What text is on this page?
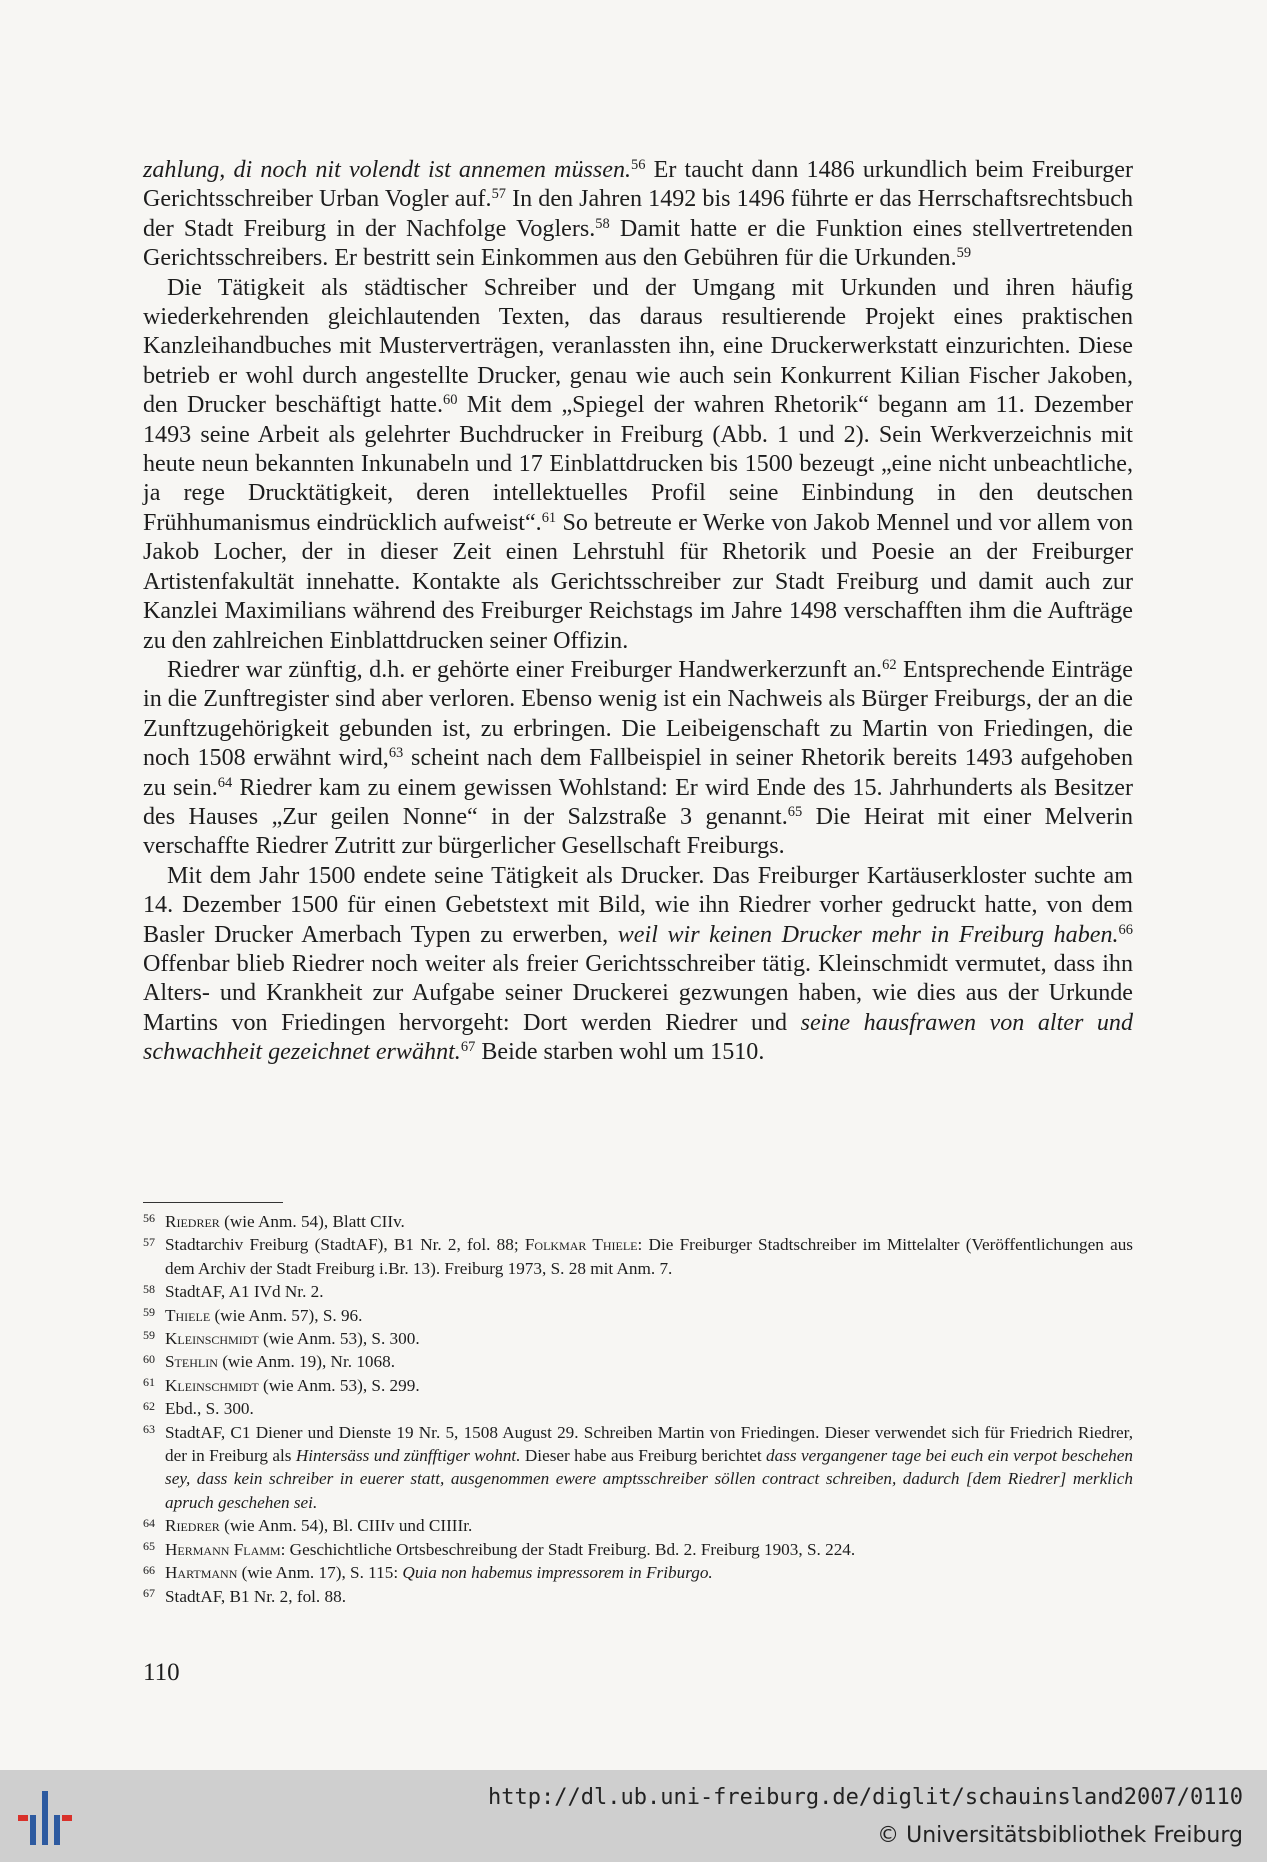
zahlung, di noch nit volendt ist annemen müssen.$^{56}$ Er taucht dann 1486 urkundlich beim Freiburger Gerichtsschreiber Urban Vogler auf.$^{57}$ In den Jahren 1492 bis 1496 führte er das Herrschaftsrechtsbuch der Stadt Freiburg in der Nachfolge Voglers.$^{58}$ Damit hatte er die Funktion eines stellvertretenden Gerichtsschreibers. Er bestritt sein Einkommen aus den Gebühren für die Urkunden.$^{59}$

Die Tätigkeit als städtischer Schreiber und der Umgang mit Urkunden und ihren häufig wiederkehrenden gleichlautenden Texten, das daraus resultierende Projekt eines praktischen Kanzleihandbuches mit Musterverträgen, veranlassten ihn, eine Druckerwerkstatt einzurichten. Diese betrieb er wohl durch angestellte Drucker, genau wie auch sein Konkurrent Kilian Fischer Jakoben, den Drucker beschäftigt hatte.$^{60}$ Mit dem „Spiegel der wahren Rhetorik“ begann am 11. Dezember 1493 seine Arbeit als gelehrter Buchdrucker in Freiburg (Abb. 1 und 2). Sein Werkverzeichnis mit heute neun bekannten Inkunabeln und 17 Einblattdrucken bis 1500 bezeugt „eine nicht unbeachtliche, ja rege Drucktätigkeit, deren intellektuelles Profil seine Einbindung in den deutschen Frühhumanismus eindrücklich aufweist“.$^{61}$ So betreute er Werke von Jakob Mennel und vor allem von Jakob Locher, der in dieser Zeit einen Lehrstuhl für Rhetorik und Poesie an der Freiburger Artistenfakultät innehatte. Kontakte als Gerichtsschreiber zur Stadt Freiburg und damit auch zur Kanzlei Maximilians während des Freiburger Reichstags im Jahre 1498 verschafften ihm die Aufträge zu den zahlreichen Einblattdrucken seiner Offizin.

Riedrer war zünftig, d.h. er gehörte einer Freiburger Handwerkerzunft an.$^{62}$ Entsprechende Einträge in die Zunftregister sind aber verloren. Ebenso wenig ist ein Nachweis als Bürger Freiburgs, der an die Zunftzugehörigkeit gebunden ist, zu erbringen. Die Leibeigenschaft zu Martin von Friedingen, die noch 1508 erwähnt wird,$^{63}$ scheint nach dem Fallbeispiel in seiner Rhetorik bereits 1493 aufgehoben zu sein.$^{64}$ Riedrer kam zu einem gewissen Wohlstand: Er wird Ende des 15. Jahrhunderts als Besitzer des Hauses „Zur geilen Nonne“ in der Salzstraße 3 genannt.$^{65}$ Die Heirat mit einer Melverin verschaffte Riedrer Zutritt zur bürgerlicher Gesellschaft Freiburgs.

Mit dem Jahr 1500 endete seine Tätigkeit als Drucker. Das Freiburger Kartäuserkloster suchte am 14. Dezember 1500 für einen Gebetstext mit Bild, wie ihn Riedrer vorher gedruckt hatte, von dem Basler Drucker Amerbach Typen zu erwerben, weil wir keinen Drucker mehr in Freiburg haben.$^{66}$ Offenbar blieb Riedrer noch weiter als freier Gerichtsschreiber tätig. Kleinschmidt vermutet, dass ihn Alters- und Krankheit zur Aufgabe seiner Druckerei gezwungen haben, wie dies aus der Urkunde Martins von Friedingen hervorgeht: Dort werden Riedrer und seine hausfrawen von alter und schwachheit gezeichnet erwähnt.$^{67}$ Beide starben wohl um 1510.

56 Riedrer (wie Anm. 54), Blatt CIIv.

57 Stadtarchiv Freiburg (StadtAF), B1 Nr. 2, fol. 88; Folkmar Thiele: Die Freiburger Stadtschreiber im Mittelalter (Veröffentlichungen aus dem Archiv der Stadt Freiburg i.Br. 13). Freiburg 1973, S. 28 mit Anm. 7.

58 StadtAF, A1 IVd Nr. 2.

59 Thiele (wie Anm. 57), S. 96.

59 Kleinschmidt (wie Anm. 53), S. 300.

60 Stehlin (wie Anm. 19), Nr. 1068.

61 Kleinschmidt (wie Anm. 53), S. 299.

62 Ebd., S. 300.

63 StadtAF, C1 Diener und Dienste 19 Nr. 5, 1508 August 29. Schreiben Martin von Friedingen. Dieser verwendet sich für Friedrich Riedrer, der in Freiburg als Hintersäss und zünfftiger wohnt. Dieser habe aus Freiburg berichtet dass vergangener tage bei euch ein verpot beschehen sey, dass kein schreiber in euerer statt, ausgenommen ewere amptsschreiber söllen contract schreiben, dadurch [dem Riedrer] merklich apruch geschehen sei.

64 Riedrer (wie Anm. 54), Bl. CIIIv und CIIIIr.

65 Hermann Flamm: Geschichtliche Ortsbeschreibung der Stadt Freiburg. Bd. 2. Freiburg 1903, S. 224.

66 Hartmann (wie Anm. 17), S. 115: Quia non habemus impressorem in Friburgo.

67 StadtAF, B1 Nr. 2, fol. 88.

110
http://dl.ub.uni-freiburg.de/diglit/schauinsland2007/0110
© Universitätsbibliothek Freiburg
